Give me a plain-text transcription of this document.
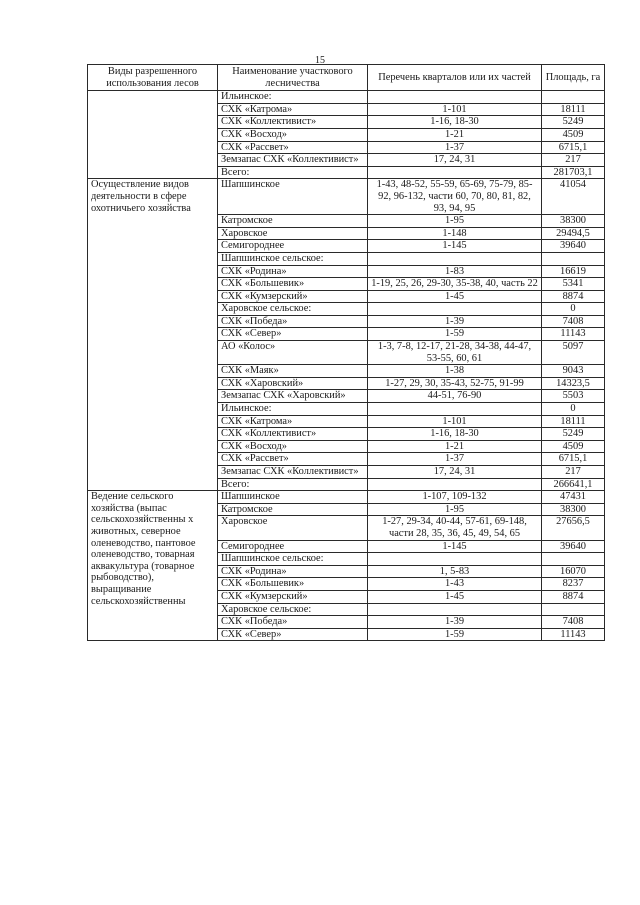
15
Виды разрешенного использования лесов	Наименование участкового лесничества	Перечень кварталов или их частей	Площадь, га
	Ильинское:		
	СХК «Катрома»	1-101	18111
	СХК «Коллективист»	1-16, 18-30	5249
	СХК «Восход»	1-21	4509
	СХК «Рассвет»	1-37	6715,1
	Земзапас СХК «Коллективист»	17, 24, 31	217
	Всего:		281703,1
Осуществление видов деятельности в сфере охотничьего хозяйства	Шапшинское	1-43, 48-52, 55-59, 65-69, 75-79, 85-92, 96-132, части 60, 70, 80, 81, 82, 93, 94, 95	41054
	Катромское	1-95	38300
	Харовское	1-148	29494,5
	Семигороднее	1-145	39640
	Шапшинское сельское:		
	СХК «Родина»	1-83	16619
	СХК «Большевик»	1-19, 25, 26, 29-30, 35-38, 40, часть 22	5341
	СХК «Кумзерский»	1-45	8874
	Харовское сельское:		0
	СХК «Победа»	1-39	7408
	СХК «Север»	1-59	11143
	АО «Колос»	1-3, 7-8, 12-17, 21-28, 34-38, 44-47, 53-55, 60, 61	5097
	СХК «Маяк»	1-38	9043
	СХК «Харовский»	1-27, 29, 30, 35-43, 52-75, 91-99	14323,5
	Земзапас СХК «Харовский»	44-51, 76-90	5503
	Ильинское:		0
	СХК «Катрома»	1-101	18111
	СХК «Коллективист»	1-16, 18-30	5249
	СХК «Восход»	1-21	4509
	СХК «Рассвет»	1-37	6715,1
	Земзапас СХК «Коллективист»	17, 24, 31	217
	Всего:		266641,1
Ведение сельского хозяйства (выпас сельскохозяйственны х животных, северное оленеводство, пантовое оленеводство, товарная аквакультура (товарное рыбоводство), выращивание сельскохозяйственны	Шапшинское	1-107, 109-132	47431
	Катромское	1-95	38300
	Харовское	1-27, 29-34, 40-44, 57-61, 69-148, части 28, 35, 36, 45, 49, 54, 65	27656,5
	Семигороднее	1-145	39640
	Шапшинское сельское:		
	СХК «Родина»	1, 5-83	16070
	СХК «Большевик»	1-43	8237
	СХК «Кумзерский»	1-45	8874
	Харовское сельское:		
	СХК «Победа»	1-39	7408
	СХК «Север»	1-59	11143
